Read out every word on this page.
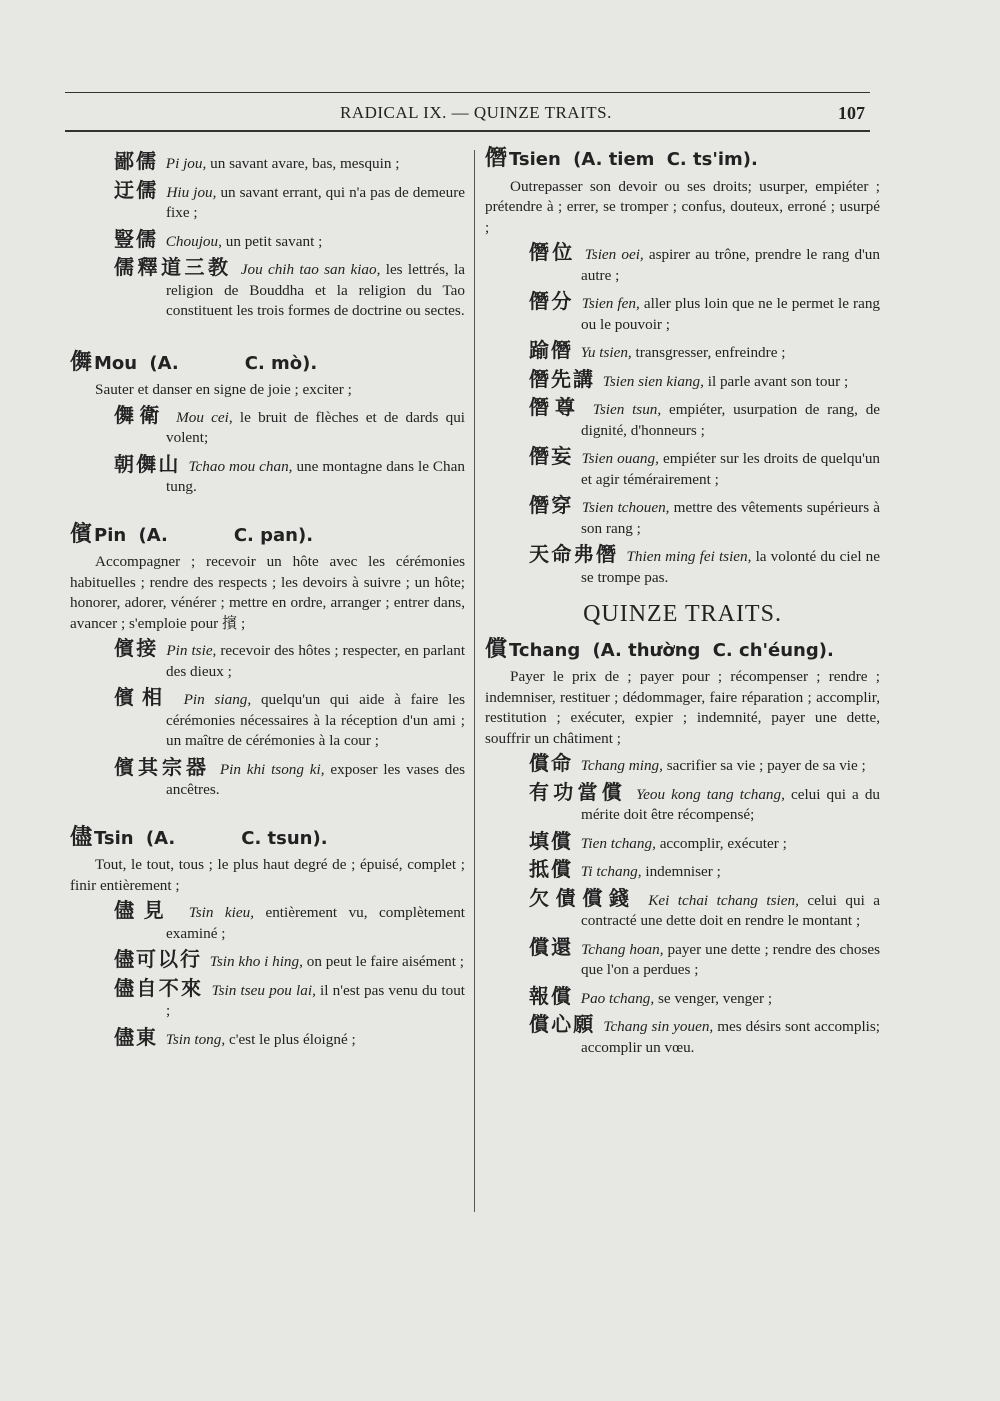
RADICAL IX. — QUINZE TRAITS.	107
鄙儒 Pi jou, un savant avare, bas, mesquin ;
迂儒 Hiu jou, un savant errant, qui n'a pas de demeure fixe ;
豎儒 Choujou, un petit savant ;
儒釋道三教 Jou chih tao san kiao, les lettrés, la religion de Bouddha et la religion du Tao constituent les trois formes de doctrine ou sectes.
儛 Mou (A.	C. mò).
Sauter et danser en signe de joie ; exciter ;
儛衛 Mou cei, le bruit de flèches et de dards qui volent;
朝儛山 Tchao mou chan, une montagne dans le Chan tung.
儐 Pin (A.	C. pan).
Accompagner ; recevoir un hôte avec les cérémonies habituelles ; rendre des respects ; les devoirs à suivre ; un hôte; honorer, adorer, vénérer ; mettre en ordre, arranger ; entrer dans, avancer ; s'emploie pour 擯 ;
儐接 Pin tsie, recevoir des hôtes ; respecter, en parlant des dieux ;
儐相 Pin siang, quelqu'un qui aide à faire les cérémonies nécessaires à la réception d'un ami ; un maître de cérémonies à la cour ;
儐其宗器 Pin khi tsong ki, exposer les vases des ancêtres.
儘 Tsin (A.	C. tsun).
Tout, le tout, tous ; le plus haut degré de ; épuisé, complet ; finir entièrement ;
儘見 Tsin kieu, entièrement vu, complètement examiné ;
儘可以行 Tsin kho i hing, on peut le faire aisément ;
儘自不來 Tsin tseu pou lai, il n'est pas venu du tout ;
儘東 Tsin tong, c'est le plus éloigné ;
僭 Tsien (A. tiem C. ts'im).
Outrepasser son devoir ou ses droits; usurper, empiéter ; prétendre à ; errer, se tromper ; confus, douteux, erroné ; usurpé ;
僭位 Tsien oei, aspirer au trône, prendre le rang d'un autre ;
僭分 Tsien fen, aller plus loin que ne le permet le rang ou le pouvoir ;
踰僭 Yu tsien, transgresser, enfreindre ;
僭先講 Tsien sien kiang, il parle avant son tour ;
僭尊 Tsien tsun, empiéter, usurpation de rang, de dignité, d'honneurs ;
僭妄 Tsien ouang, empiéter sur les droits de quelqu'un et agir témérairement ;
僭穿 Tsien tchouen, mettre des vêtements supérieurs à son rang ;
天命弗僭 Thien ming fei tsien, la volonté du ciel ne se trompe pas.
QUINZE TRAITS.
償 Tchang (A. thường C. ch'éung).
Payer le prix de ; payer pour ; récompenser ; rendre ; indemniser, restituer ; dédommager, faire réparation ; accomplir, restitution ; exécuter, expier ; indemnité, payer une dette, souffrir un châtiment ;
償命 Tchang ming, sacrifier sa vie ; payer de sa vie ;
有功當償 Yeou kong tang tchang, celui qui a du mérite doit être récompensé;
填償 Tien tchang, accomplir, exécuter ;
抵償 Ti tchang, indemniser ;
欠債償錢 Kei tchai tchang tsien, celui qui a contracté une dette doit en rendre le montant ;
償還 Tchang hoan, payer une dette ; rendre des choses que l'on a perdues ;
報償 Pao tchang, se venger, venger ;
償心願 Tchang sin youen, mes désirs sont accomplis; accomplir un vœu.
